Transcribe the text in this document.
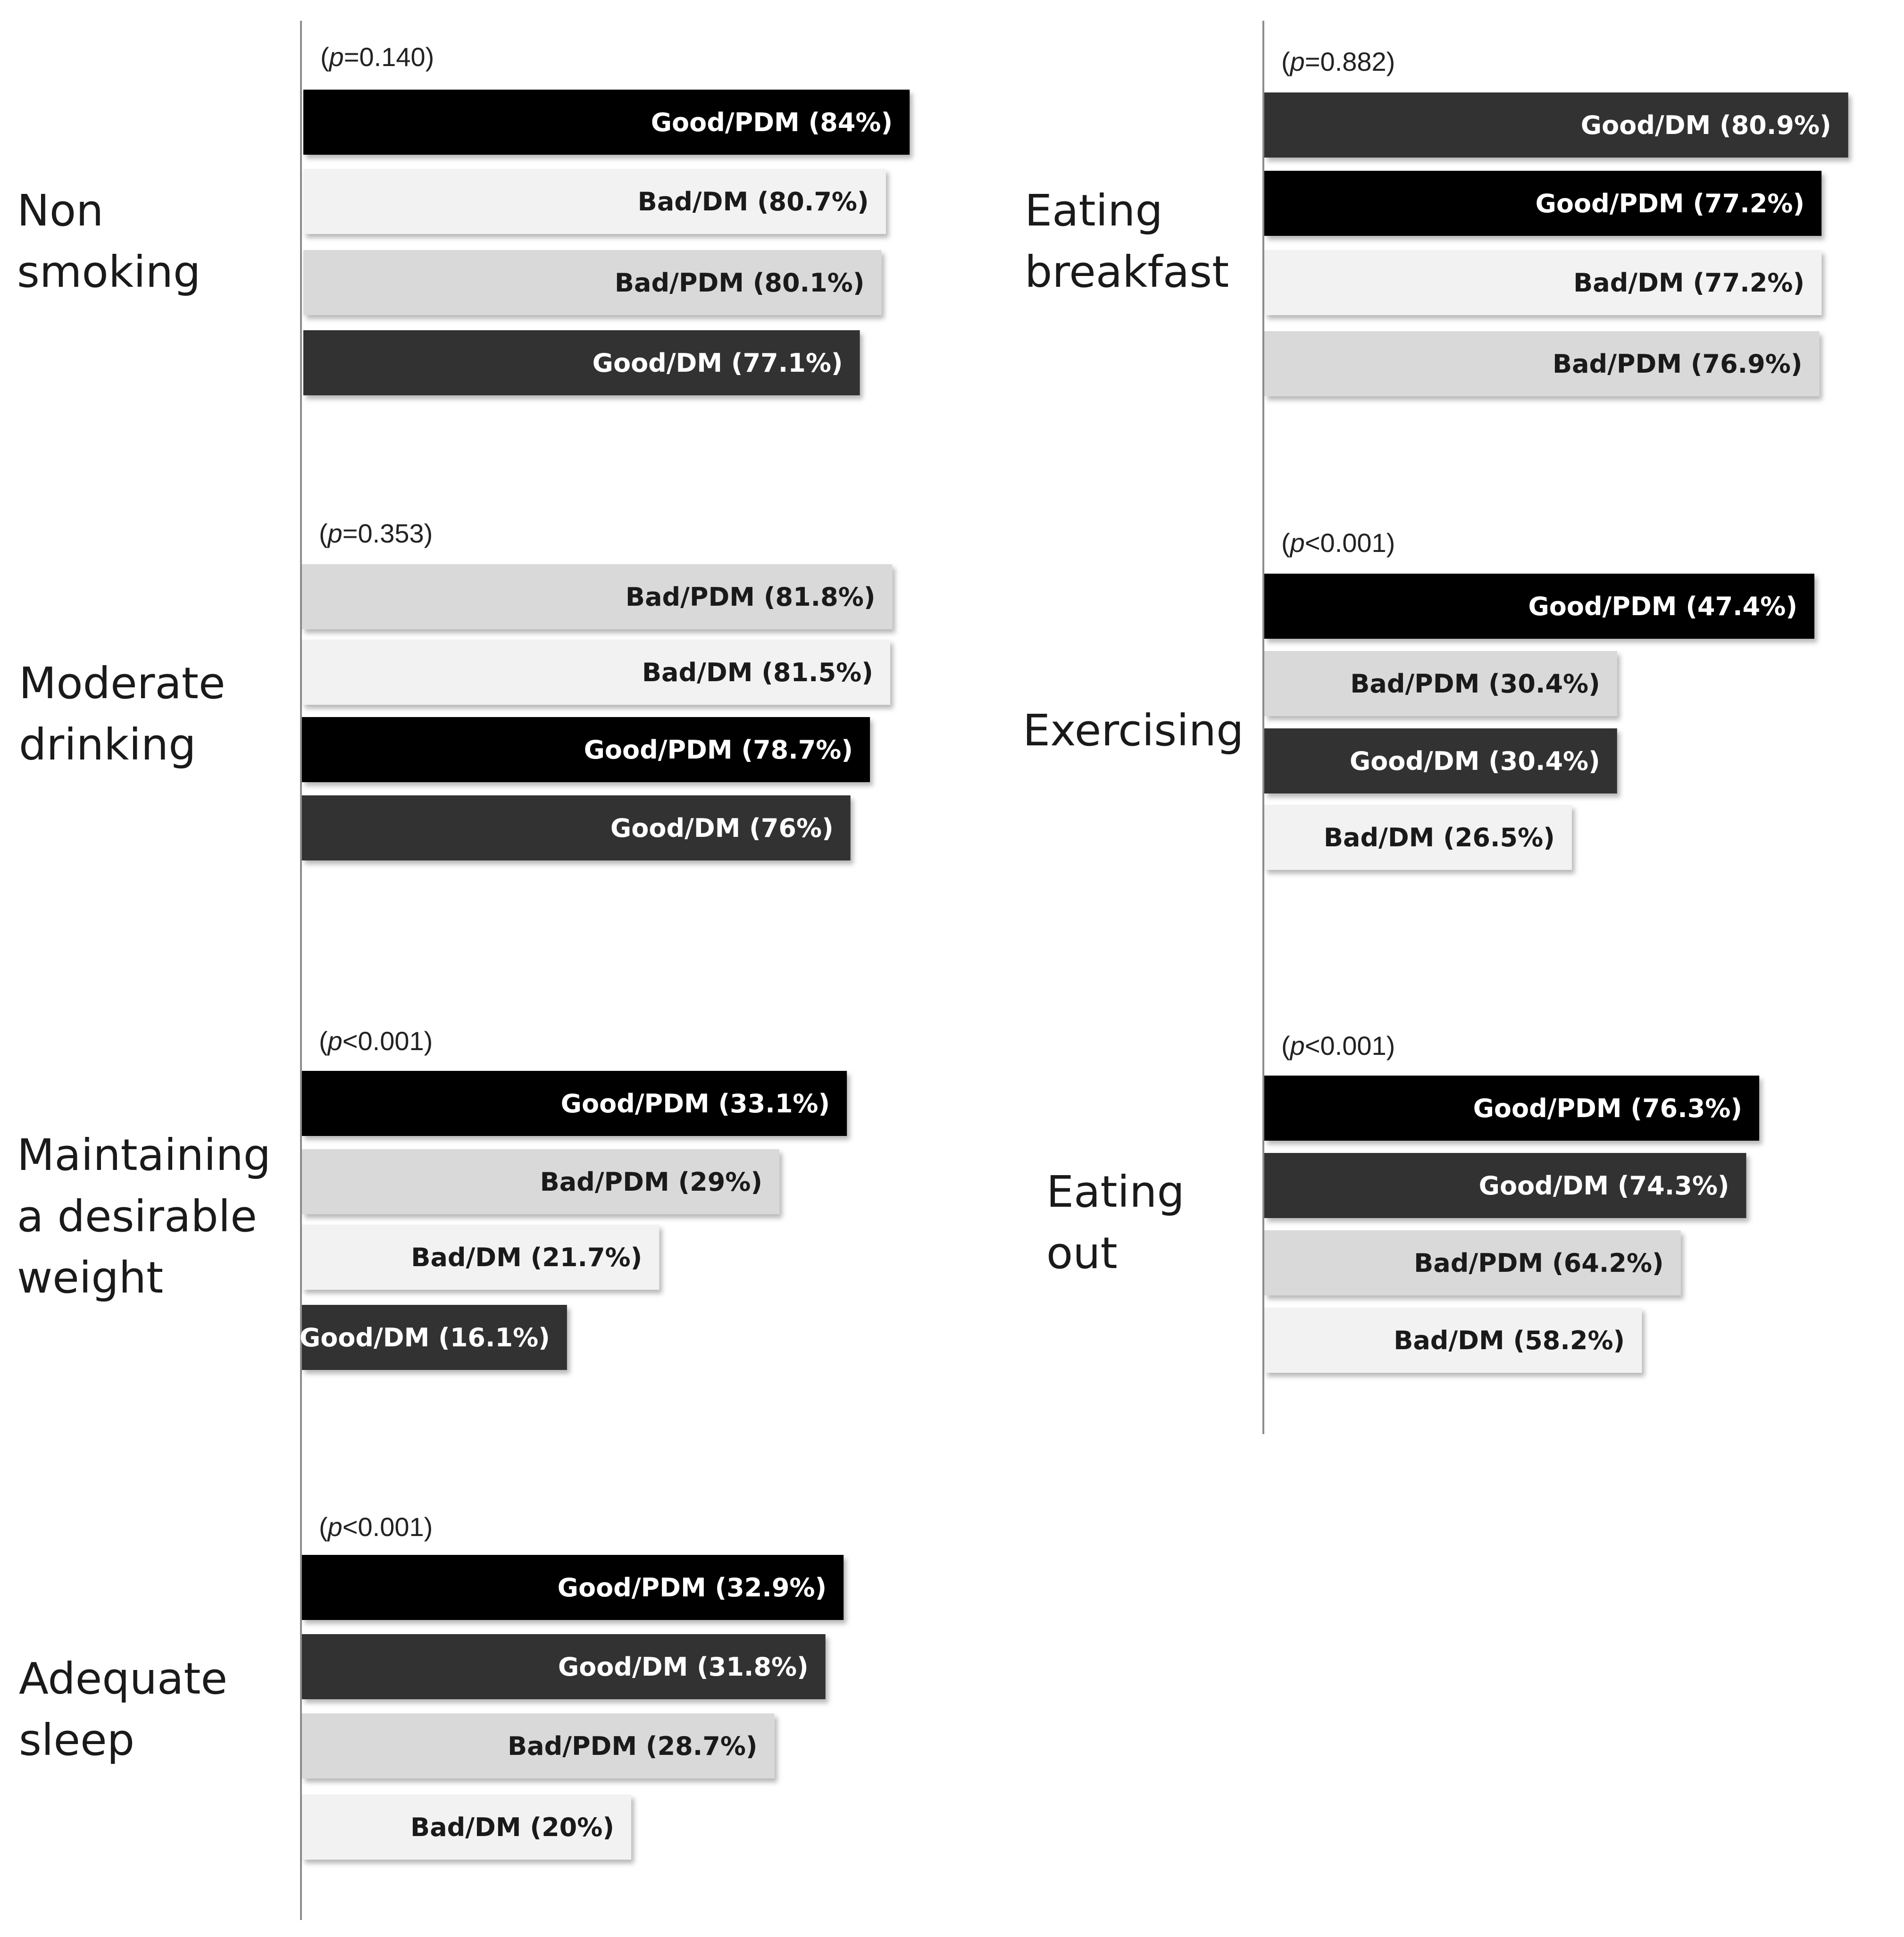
Non smoking
(p=0.140)
Good/PDM (84%)
Bad/DM (80.7%)
Bad/PDM (80.1%)
Good/DM (77.1%)
Moderate drinking
(p=0.353)
Bad/PDM (81.8%)
Bad/DM (81.5%)
Good/PDM (78.7%)
Good/DM (76%)
Maintaining a desirable weight
(p<0.001)
Good/PDM (33.1%)
Bad/PDM (29%)
Bad/DM (21.7%)
Good/DM (16.1%)
Adequate sleep
(p<0.001)
Good/PDM (32.9%)
Good/DM (31.8%)
Bad/PDM (28.7%)
Bad/DM (20%)
Eating breakfast
(p=0.882)
Good/DM (80.9%)
Good/PDM (77.2%)
Bad/DM (77.2%)
Bad/PDM (76.9%)
Exercising
(p<0.001)
Good/PDM (47.4%)
Bad/PDM (30.4%)
Good/DM (30.4%)
Bad/DM (26.5%)
Eating out
(p<0.001)
Good/PDM (76.3%)
Good/DM (74.3%)
Bad/PDM (64.2%)
Bad/DM (58.2%)
